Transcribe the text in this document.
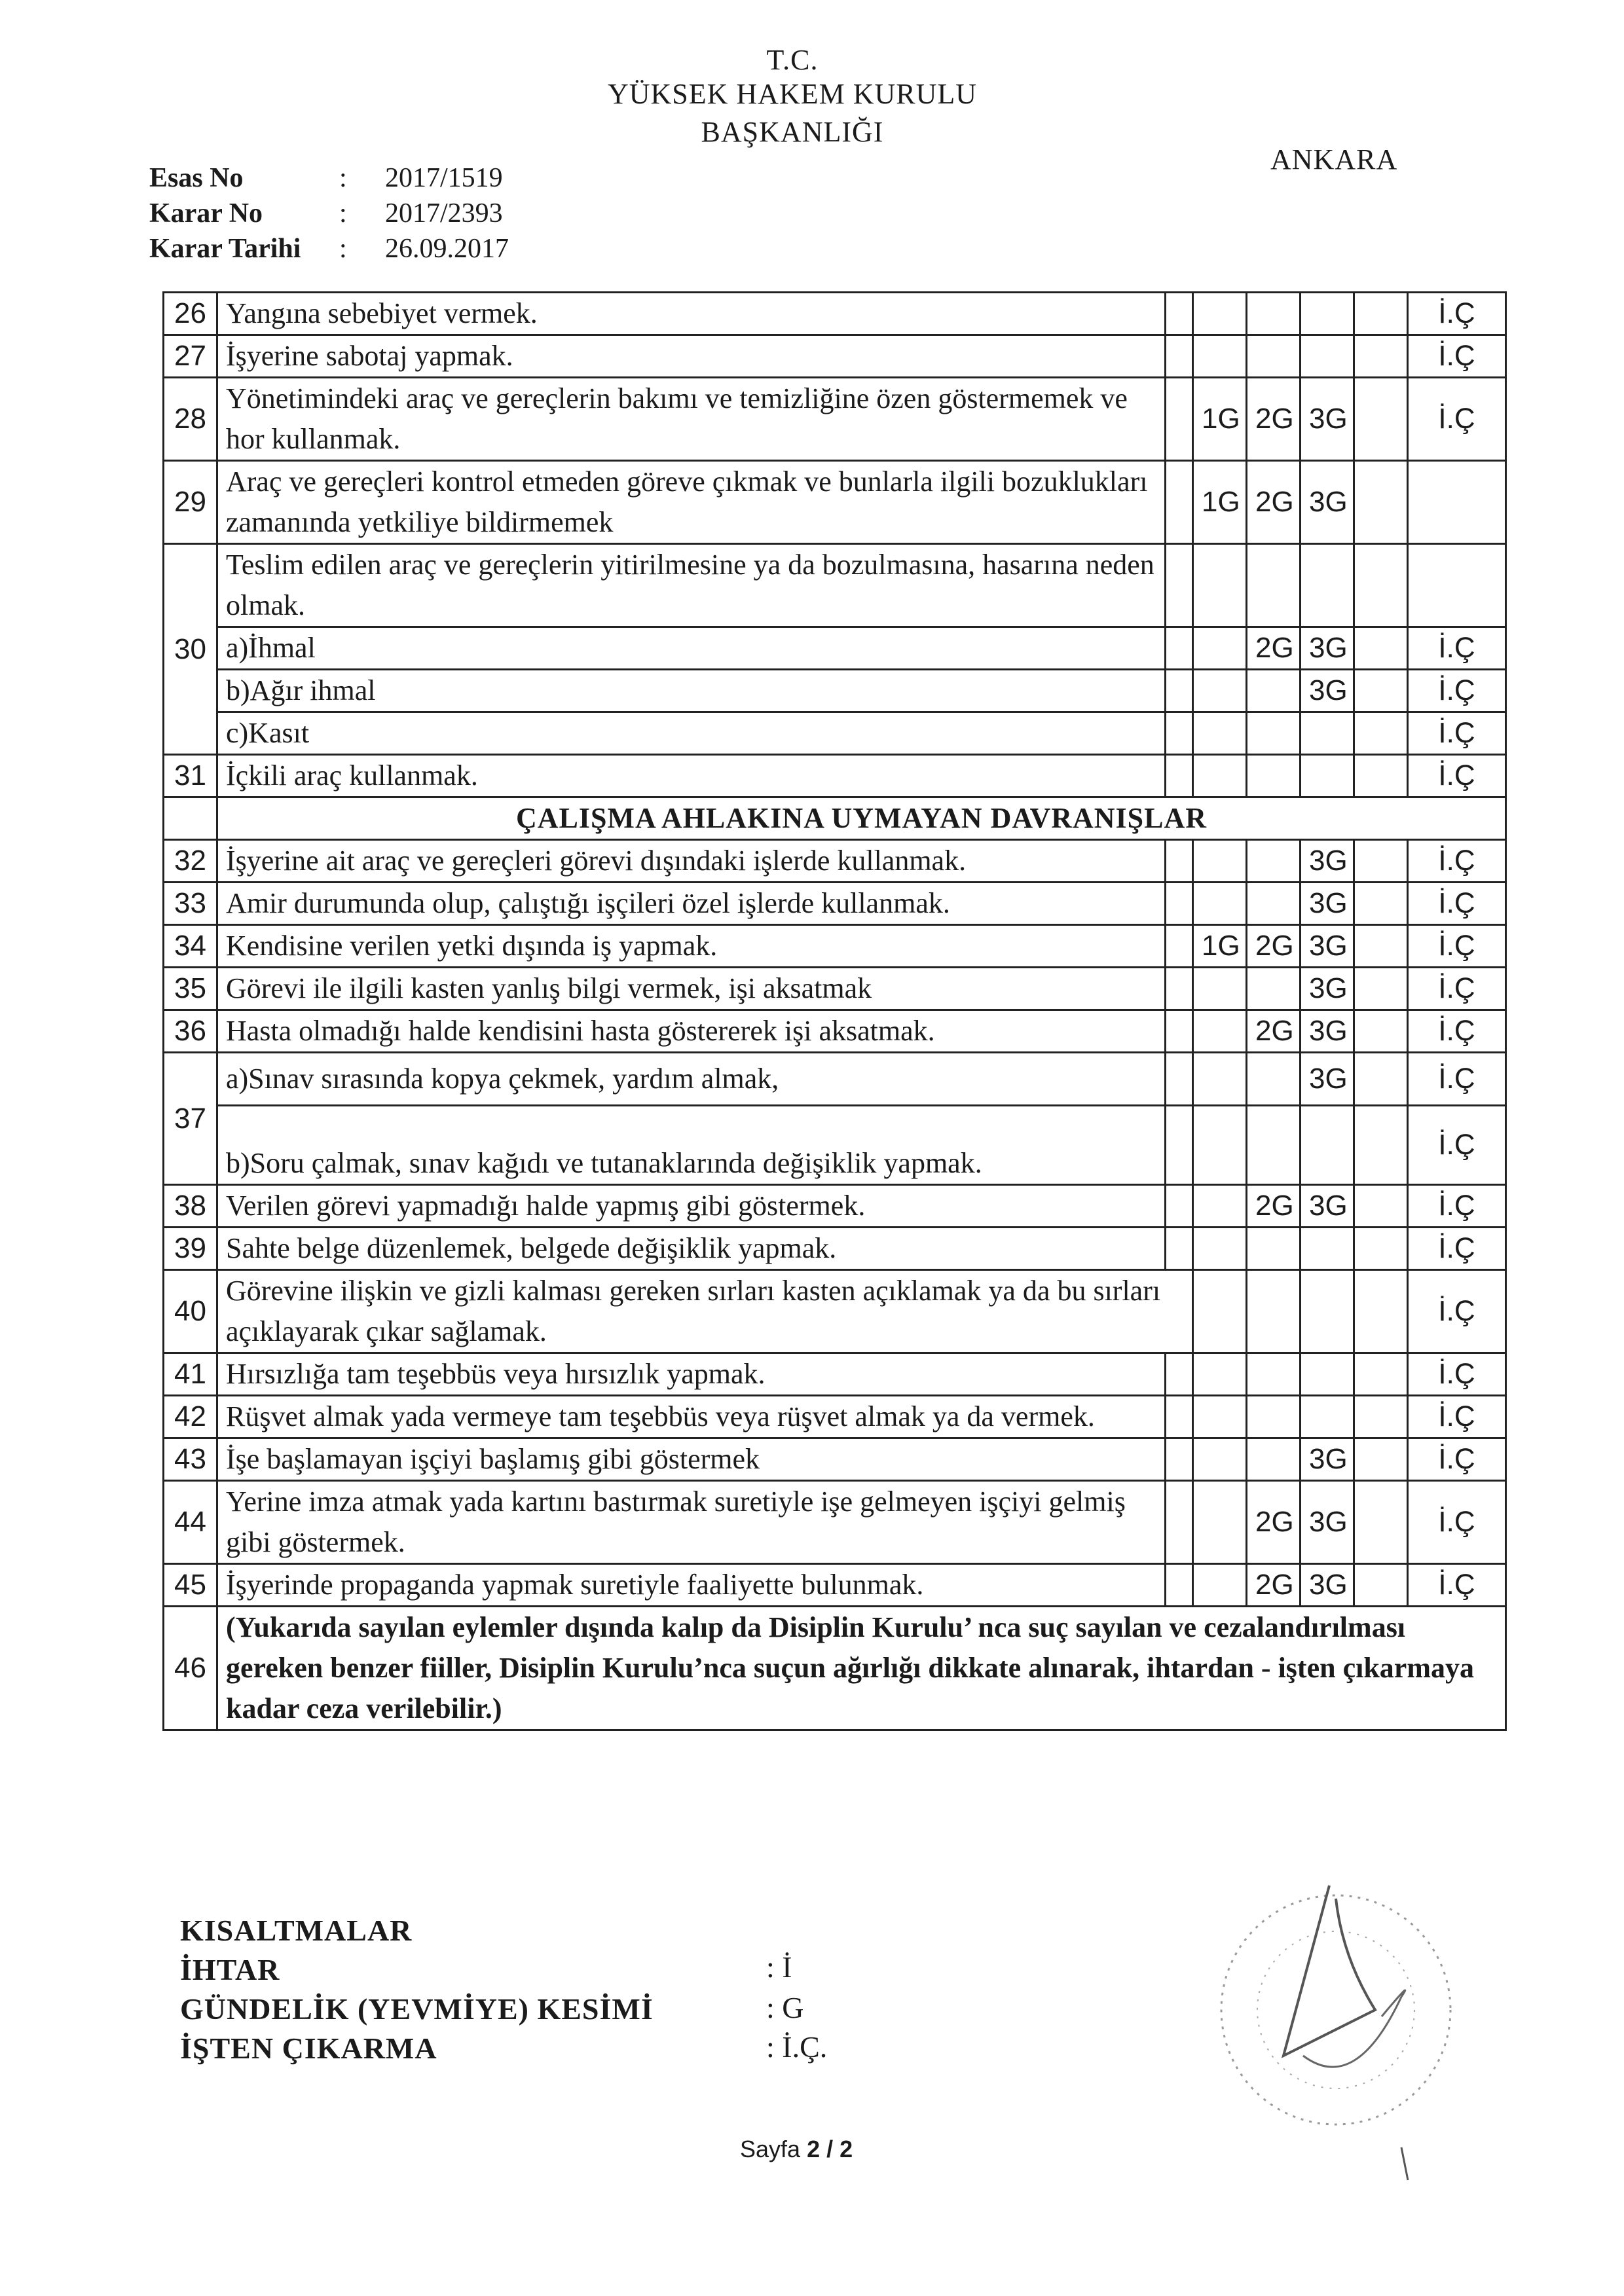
T.C.
YÜKSEK HAKEM KURULU
BAŞKANLIĞI
ANKARA
Esas No	: 2017/1519
Karar No	: 2017/2393
Karar Tarihi : 26.09.2017
26	Yangına sebebiyet vermek.						İ.Ç
27	İşyerine sabotaj yapmak.						İ.Ç
28	Yönetimindeki araç ve gereçlerin bakımı ve temizliğine özen göstermemek ve hor kullanmak.		1G	2G	3G		İ.Ç
29	Araç ve gereçleri kontrol etmeden göreve çıkmak ve bunlarla ilgili bozuklukları zamanında yetkiliye bildirmemek		1G	2G	3G		
30	Teslim edilen araç ve gereçlerin yitirilmesine ya da bozulmasına, hasarına neden olmak.						
	a)İhmal			2G	3G		İ.Ç
	b)Ağır ihmal				3G		İ.Ç
	c)Kasıt						İ.Ç
31	İçkili araç kullanmak.						İ.Ç
	ÇALIŞMA AHLAKINA UYMAYAN DAVRANIŞLAR						
32	İşyerine ait araç ve gereçleri görevi dışındaki işlerde kullanmak.				3G		İ.Ç
33	Amir durumunda olup, çalıştığı işçileri özel işlerde kullanmak.				3G		İ.Ç
34	Kendisine verilen yetki dışında iş yapmak.		1G	2G	3G		İ.Ç
35	Görevi ile ilgili kasten yanlış bilgi vermek, işi aksatmak				3G		İ.Ç
36	Hasta olmadığı halde kendisini hasta göstererek işi aksatmak.			2G	3G		İ.Ç
37	a)Sınav sırasında kopya çekmek, yardım almak,				3G		İ.Ç
	b)Soru çalmak, sınav kağıdı ve tutanaklarında değişiklik yapmak.						İ.Ç
38	Verilen görevi yapmadığı halde yapmış gibi göstermek.			2G	3G		İ.Ç
39	Sahte belge düzenlemek, belgede değişiklik yapmak.						İ.Ç
40	Görevine ilişkin ve gizli kalması gereken sırları kasten açıklamak ya da bu sırları açıklayarak çıkar sağlamak.						İ.Ç
41	Hırsızlığa tam teşebbüs veya hırsızlık yapmak.						İ.Ç
42	Rüşvet almak yada vermeye tam teşebbüs veya rüşvet almak ya da vermek.						İ.Ç
43	İşe başlamayan işçiyi başlamış gibi göstermek				3G		İ.Ç
44	Yerine imza atmak yada kartını bastırmak suretiyle işe gelmeyen işçiyi gelmiş gibi göstermek.			2G	3G		İ.Ç
45	İşyerinde propaganda yapmak suretiyle faaliyette bulunmak.			2G	3G		İ.Ç
46	(Yukarıda sayılan eylemler dışında kalıp da Disiplin Kurulu’ nca suç sayılan ve cezalandırılması gereken benzer fiiller, Disiplin Kurulu’nca suçun ağırlığı dikkate alınarak, ihtardan - işten çıkarmaya kadar ceza verilebilir.)						
KISALTMALAR
İHTAR	: İ
GÜNDELİK (YEVMİYE) KESİMİ	: G
İŞTEN ÇIKARMA	: İ.Ç.
Sayfa 2 / 2
